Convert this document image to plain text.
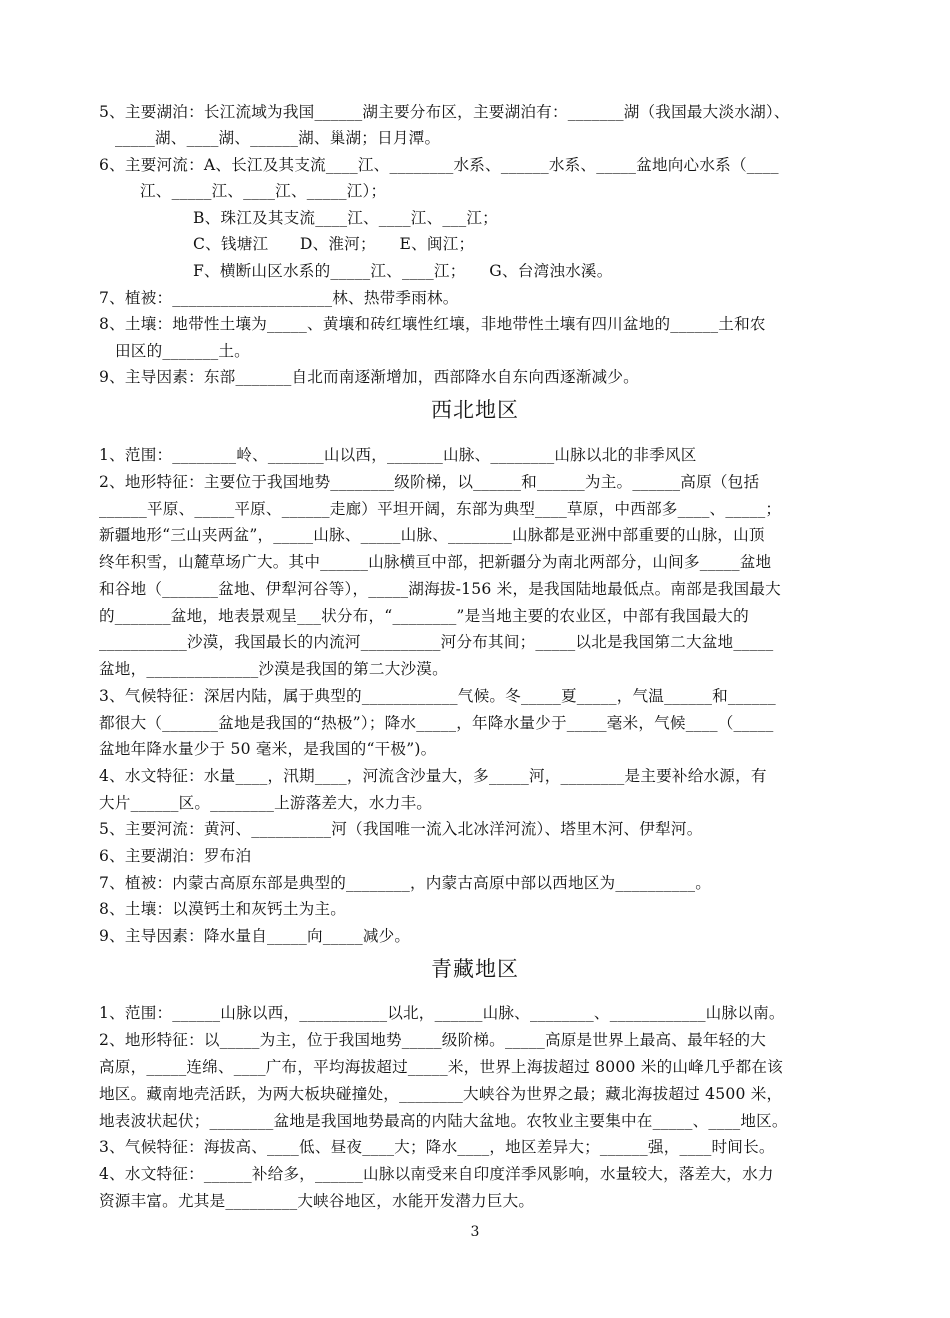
5、主要湖泊：长江流域为我国______湖主要分布区，主要湖泊有：_______湖（我国最大淡水湖）、
_____湖、____湖、______湖、巢湖；日月潭。
6、主要河流：A、长江及其支流____江、________水系、______水系、_____盆地向心水系（____
江、_____江、____江、_____江）；
B、珠江及其支流____江、____江、___江；
C、钱塘江　　D、淮河；　　E、闽江；
F、横断山区水系的_____江、____江；　　G、台湾浊水溪。
7、植被：____________________林、热带季雨林。
8、土壤：地带性土壤为_____、黄壤和砖红壤性红壤，非地带性土壤有四川盆地的______土和农
田区的_______土。
9、主导因素：东部_______自北而南逐渐增加，西部降水自东向西逐渐减少。
西北地区
1、范围：________岭、_______山以西，_______山脉、________山脉以北的非季风区
2、地形特征：主要位于我国地势________级阶梯，以______和______为主。______高原（包括
______平原、_____平原、______走廊）平坦开阔，东部为典型____草原，中西部多____、_____；
新疆地形“三山夹两盆”，_____山脉、_____山脉、________山脉都是亚洲中部重要的山脉，山顶
终年积雪，山麓草场广大。其中______山脉横亘中部，把新疆分为南北两部分，山间多_____盆地
和谷地（_______盆地、伊犁河谷等），_____湖海拔-156 米，是我国陆地最低点。南部是我国最大
的_______盆地，地表景观呈___状分布，“________”是当地主要的农业区，中部有我国最大的
___________沙漠，我国最长的内流河__________河分布其间；_____以北是我国第二大盆地_____
盆地，______________沙漠是我国的第二大沙漠。
3、气候特征：深居内陆，属于典型的____________气候。冬_____夏_____，气温______和______
都很大（_______盆地是我国的“热极”）；降水_____，年降水量少于_____毫米，气候____（_____
盆地年降水量少于 50 毫米，是我国的“干极”)。
4、水文特征：水量____，汛期____，河流含沙量大，多_____河，________是主要补给水源，有
大片______区。________上游落差大，水力丰。
5、主要河流：黄河、__________河（我国唯一流入北冰洋河流）、塔里木河、伊犁河。
6、主要湖泊：罗布泊
7、植被：内蒙古高原东部是典型的________，内蒙古高原中部以西地区为__________。
8、土壤：以漠钙土和灰钙土为主。
9、主导因素：降水量自_____向_____减少。
青藏地区
1、范围：______山脉以西，___________以北，______山脉、________、____________山脉以南。
2、地形特征：以_____为主，位于我国地势_____级阶梯。_____高原是世界上最高、最年轻的大
高原，_____连绵、____广布，平均海拔超过_____米，世界上海拔超过 8000 米的山峰几乎都在该
地区。藏南地壳活跃，为两大板块碰撞处，________大峡谷为世界之最；藏北海拔超过 4500 米，
地表波状起伏；________盆地是我国地势最高的内陆大盆地。农牧业主要集中在_____、____地区。
3、气候特征：海拔高、____低、昼夜____大；降水____，地区差异大；______强，____时间长。
4、水文特征：______补给多，______山脉以南受来自印度洋季风影响，水量较大，落差大，水力
资源丰富。尤其是_________大峡谷地区，水能开发潜力巨大。
3
